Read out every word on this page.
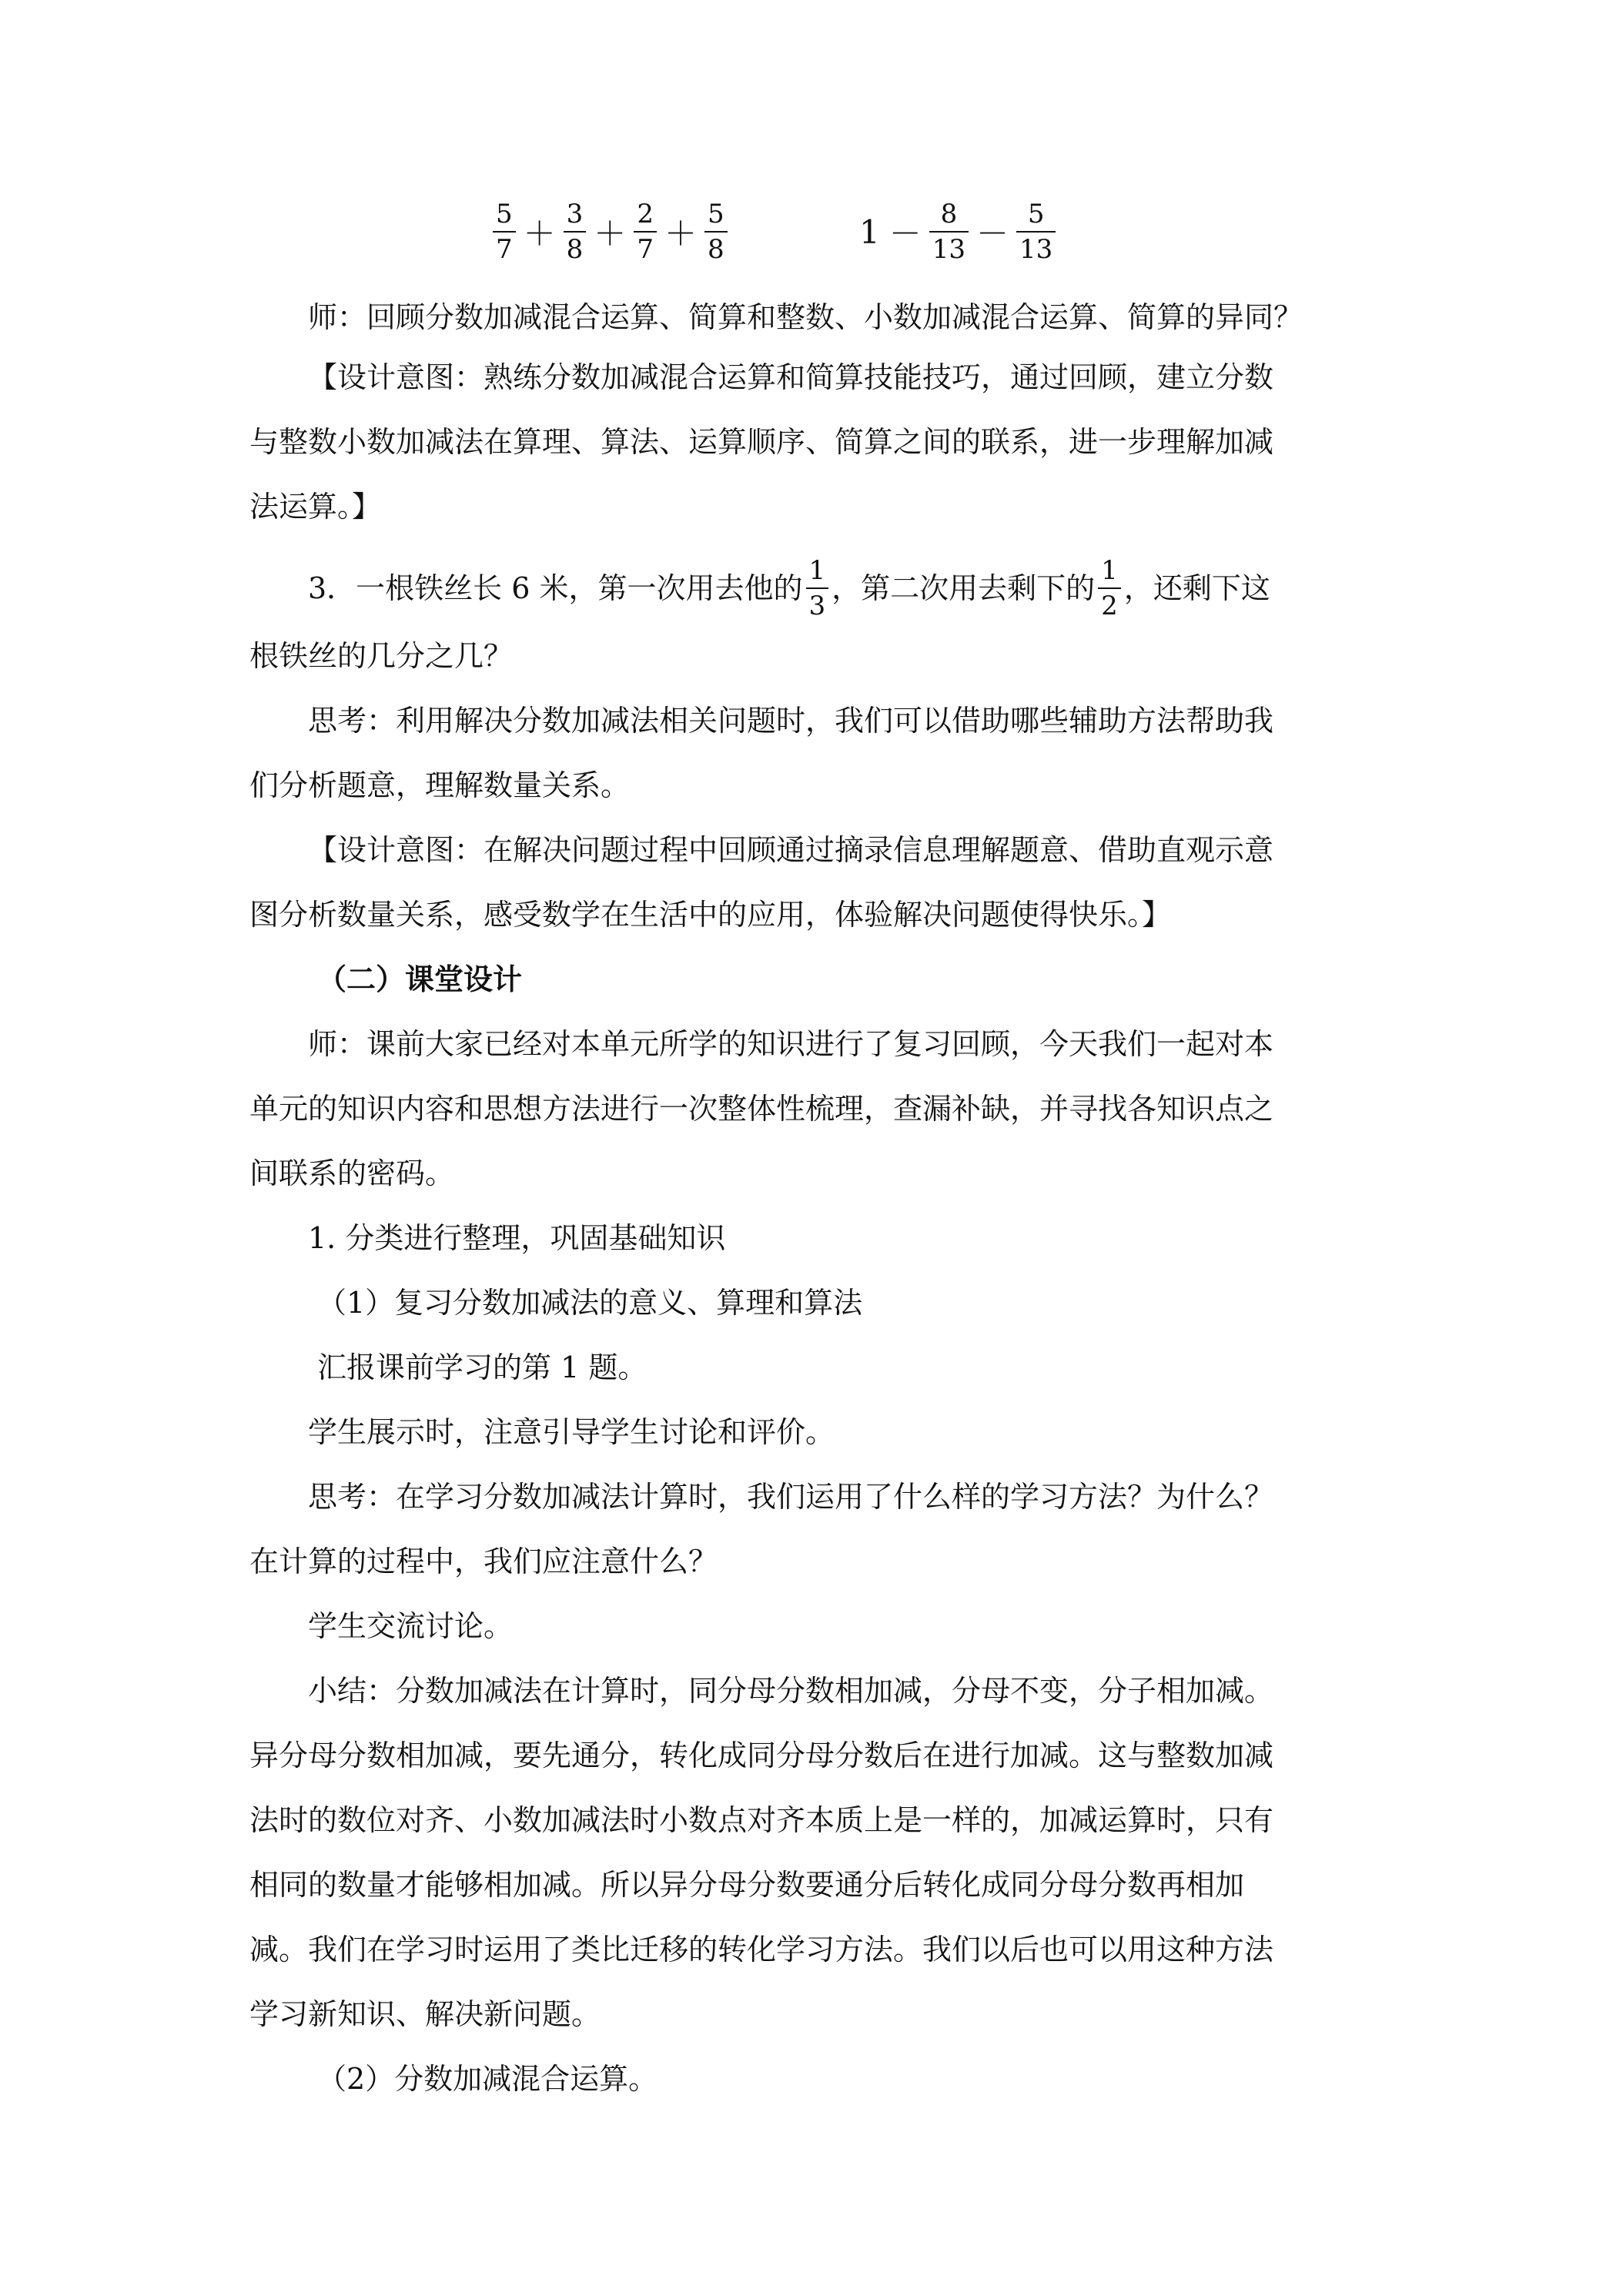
$\frac{5}{7} + \frac{3}{8} + \frac{2}{7} + \frac{5}{8}$	$1 - \frac{8}{13} - \frac{5}{13}$
师：回顾分数加减混合运算、简算和整数、小数加减混合运算、简算的异同？
【设计意图：熟练分数加减混合运算和简算技能技巧，通过回顾，建立分数
与整数小数加减法在算理、算法、运算顺序、简算之间的联系，进一步理解加减
法运算。】
3．一根铁丝长 6 米，第一次用去他的 $\frac{1}{3}$ ，第二次用去剩下的 $\frac{1}{2}$ ，还剩下这
根铁丝的几分之几？
思考：利用解决分数加减法相关问题时，我们可以借助哪些辅助方法帮助我
们分析题意，理解数量关系。
【设计意图：在解决问题过程中回顾通过摘录信息理解题意、借助直观示意
图分析数量关系，感受数学在生活中的应用，体验解决问题使得快乐。】
（二）课堂设计
师：课前大家已经对本单元所学的知识进行了复习回顾，今天我们一起对本
单元的知识内容和思想方法进行一次整体性梳理，查漏补缺，并寻找各知识点之
间联系的密码。
1. 分类进行整理，巩固基础知识
（1）复习分数加减法的意义、算理和算法
汇报课前学习的第 1 题。
学生展示时，注意引导学生讨论和评价。
思考：在学习分数加减法计算时，我们运用了什么样的学习方法？为什么？
在计算的过程中，我们应注意什么？
学生交流讨论。
小结：分数加减法在计算时，同分母分数相加减，分母不变，分子相加减。
异分母分数相加减，要先通分，转化成同分母分数后在进行加减。这与整数加减
法时的数位对齐、小数加减法时小数点对齐本质上是一样的，加减运算时，只有
相同的数量才能够相加减。所以异分母分数要通分后转化成同分母分数再相加
减。我们在学习时运用了类比迁移的转化学习方法。我们以后也可以用这种方法
学习新知识、解决新问题。
（2）分数加减混合运算。
